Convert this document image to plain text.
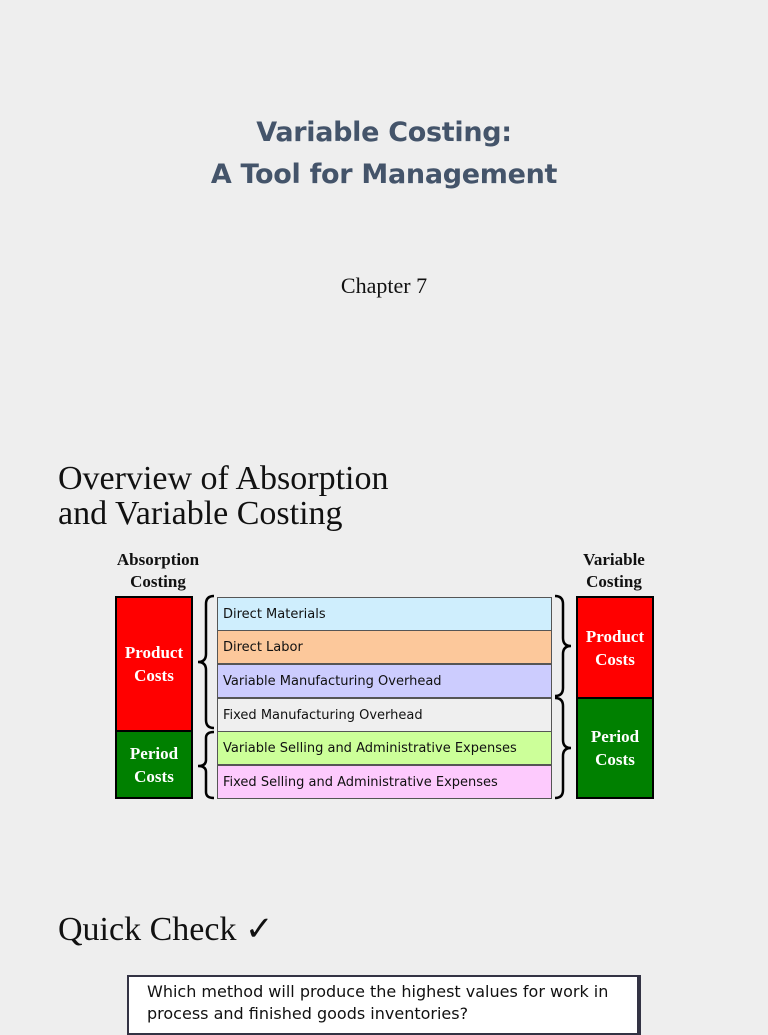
Variable Costing:
A Tool for Management
Chapter 7
Overview of Absorption
and Variable Costing
Absorption
Costing
Variable
Costing
Product
Costs
Period
Costs
Product
Costs
Period
Costs
Direct Materials
Direct Labor
Variable Manufacturing Overhead
Fixed Manufacturing Overhead
Variable Selling and Administrative Expenses
Fixed Selling and Administrative Expenses
Quick Check ✓
Which method will produce the highest values for work in process and finished goods inventories?
